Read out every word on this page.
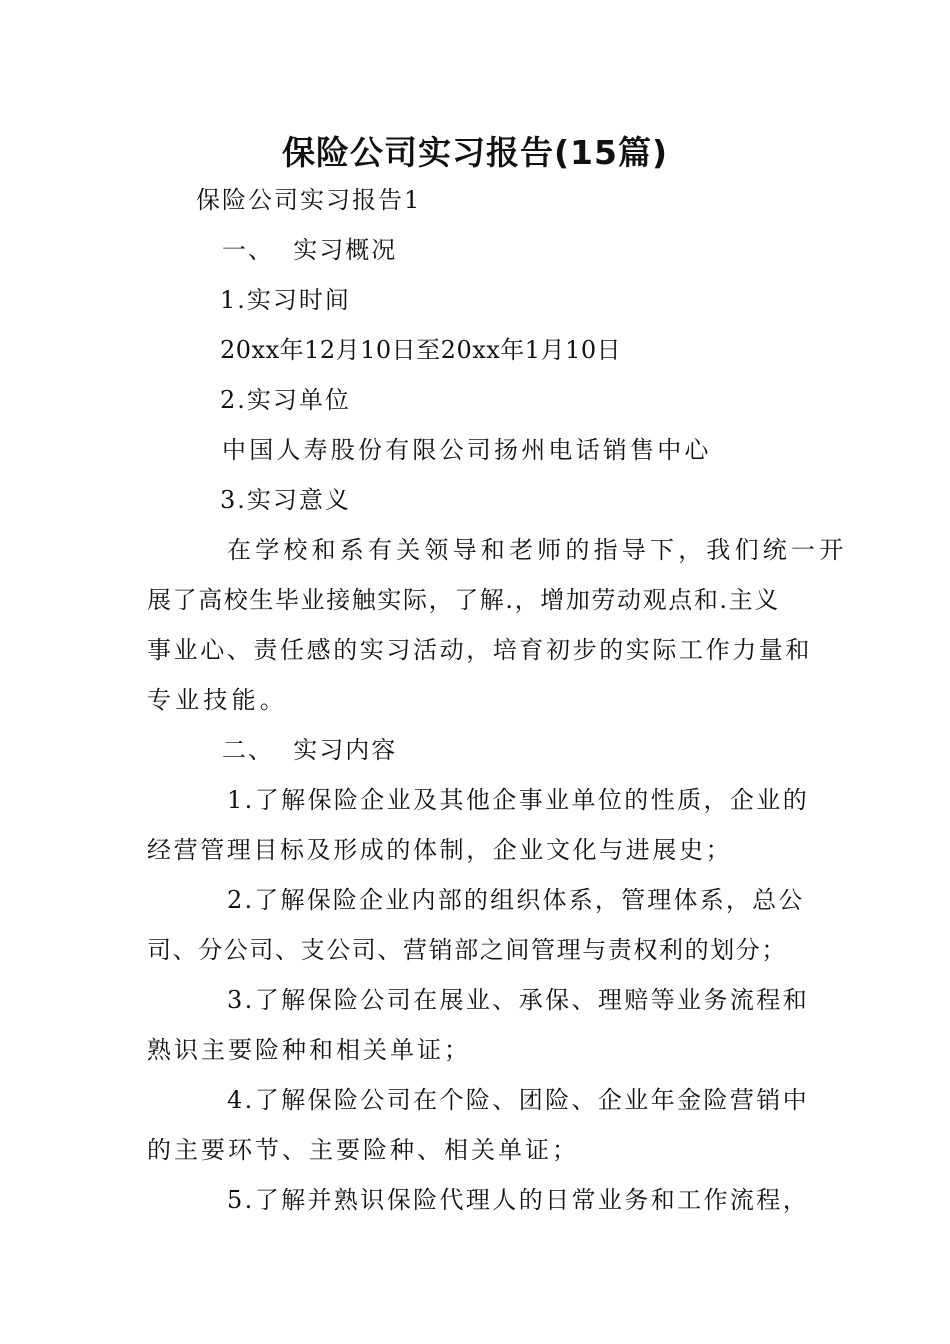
保险公司实习报告(15篇)
保险公司实习报告1
一、  实习概况
1.实习时间
20xx年12月10日至20xx年1月10日
2.实习单位
中国人寿股份有限公司扬州电话销售中心
3.实习意义
在学校和系有关领导和老师的指导下，我们统一开
展了高校生毕业接触实际，了解.，增加劳动观点和.主义
事业心、责任感的实习活动，培育初步的实际工作力量和
专业技能。
二、  实习内容
1.了解保险企业及其他企事业单位的性质，企业的
经营管理目标及形成的体制，企业文化与进展史；
2.了解保险企业内部的组织体系，管理体系，总公
司、分公司、支公司、营销部之间管理与责权利的划分；
3.了解保险公司在展业、承保、理赔等业务流程和
熟识主要险种和相关单证；
4.了解保险公司在个险、团险、企业年金险营销中
的主要环节、主要险种、相关单证；
5.了解并熟识保险代理人的日常业务和工作流程，
